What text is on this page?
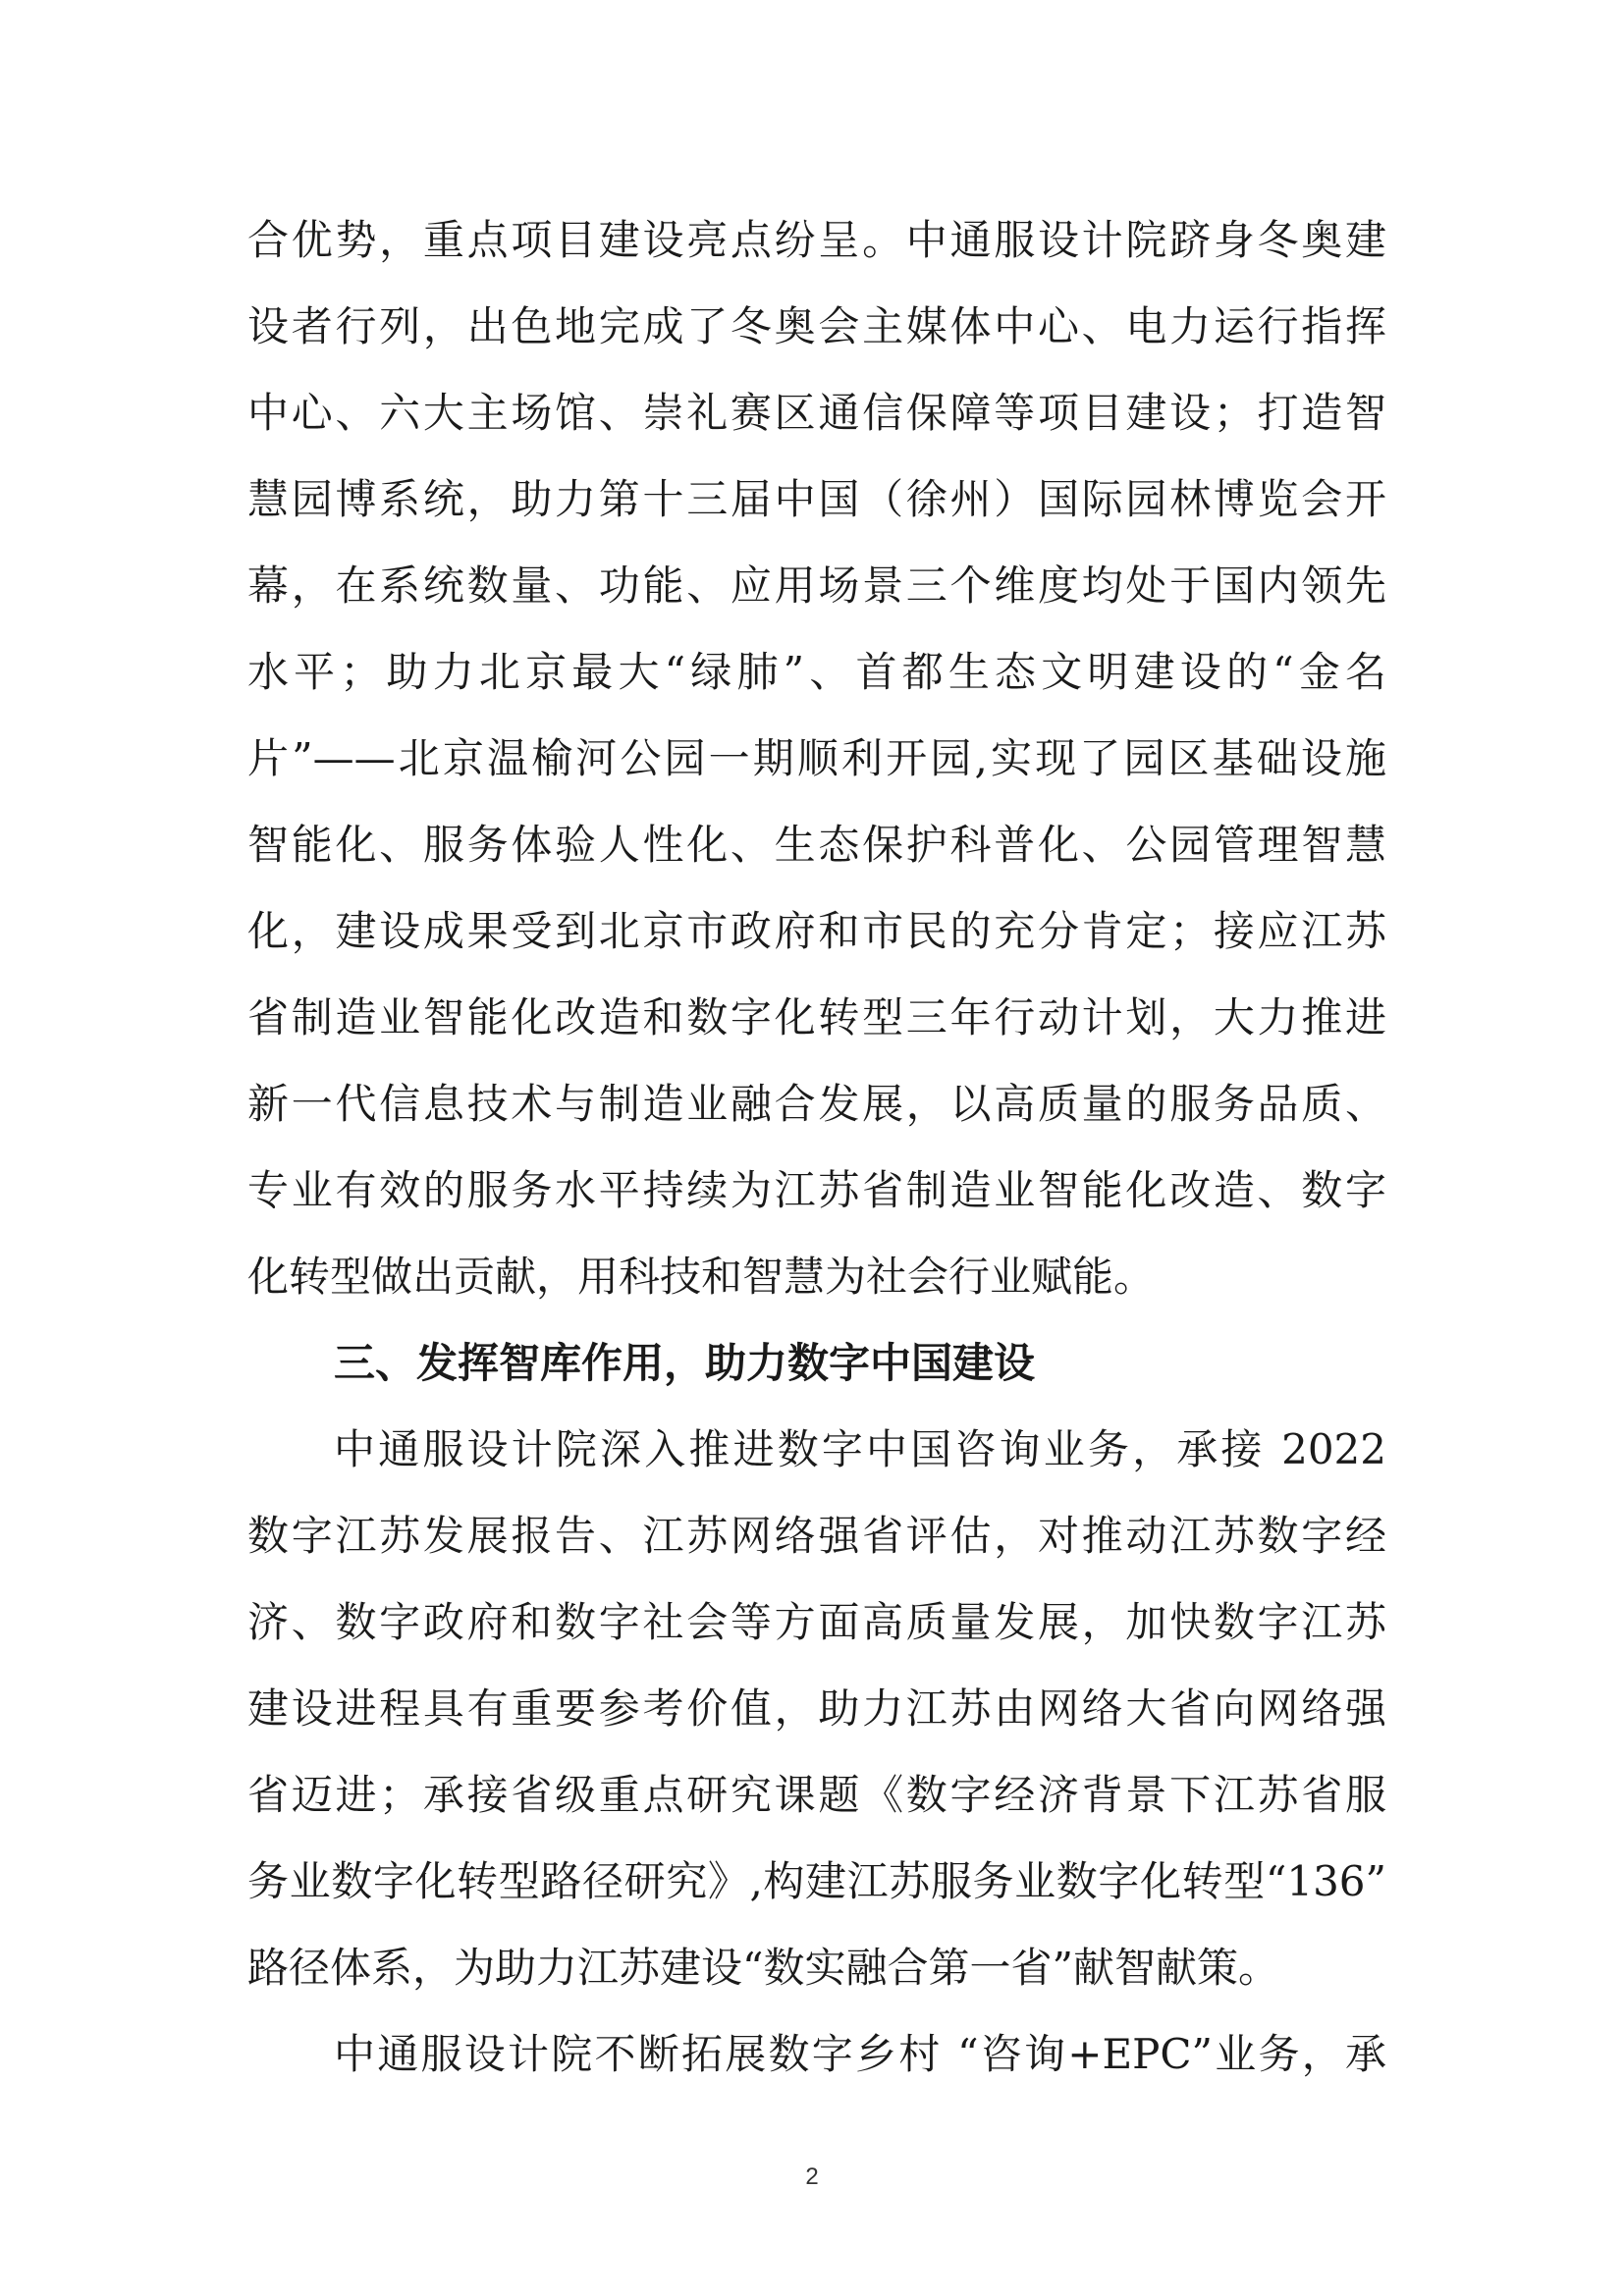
合优势，重点项目建设亮点纷呈。中通服设计院跻身冬奥建
设者行列，出色地完成了冬奥会主媒体中心、电力运行指挥
中心、六大主场馆、崇礼赛区通信保障等项目建设；打造智
慧园博系统，助力第十三届中国（徐州）国际园林博览会开
幕，在系统数量、功能、应用场景三个维度均处于国内领先
水平；助力北京最大“绿肺”、首都生态文明建设的“金名
片”——北京温榆河公园一期顺利开园,实现了园区基础设施
智能化、服务体验人性化、生态保护科普化、公园管理智慧
化，建设成果受到北京市政府和市民的充分肯定；接应江苏
省制造业智能化改造和数字化转型三年行动计划，大力推进
新一代信息技术与制造业融合发展，以高质量的服务品质、
专业有效的服务水平持续为江苏省制造业智能化改造、数字
化转型做出贡献，用科技和智慧为社会行业赋能。
三、发挥智库作用，助力数字中国建设
中通服设计院深入推进数字中国咨询业务，承接 2022
数字江苏发展报告、江苏网络强省评估，对推动江苏数字经
济、数字政府和数字社会等方面高质量发展，加快数字江苏
建设进程具有重要参考价值，助力江苏由网络大省向网络强
省迈进；承接省级重点研究课题《数字经济背景下江苏省服
务业数字化转型路径研究》,构建江苏服务业数字化转型“136”
路径体系，为助力江苏建设“数实融合第一省”献智献策。
中通服设计院不断拓展数字乡村 “咨询+EPC”业务，承
2
